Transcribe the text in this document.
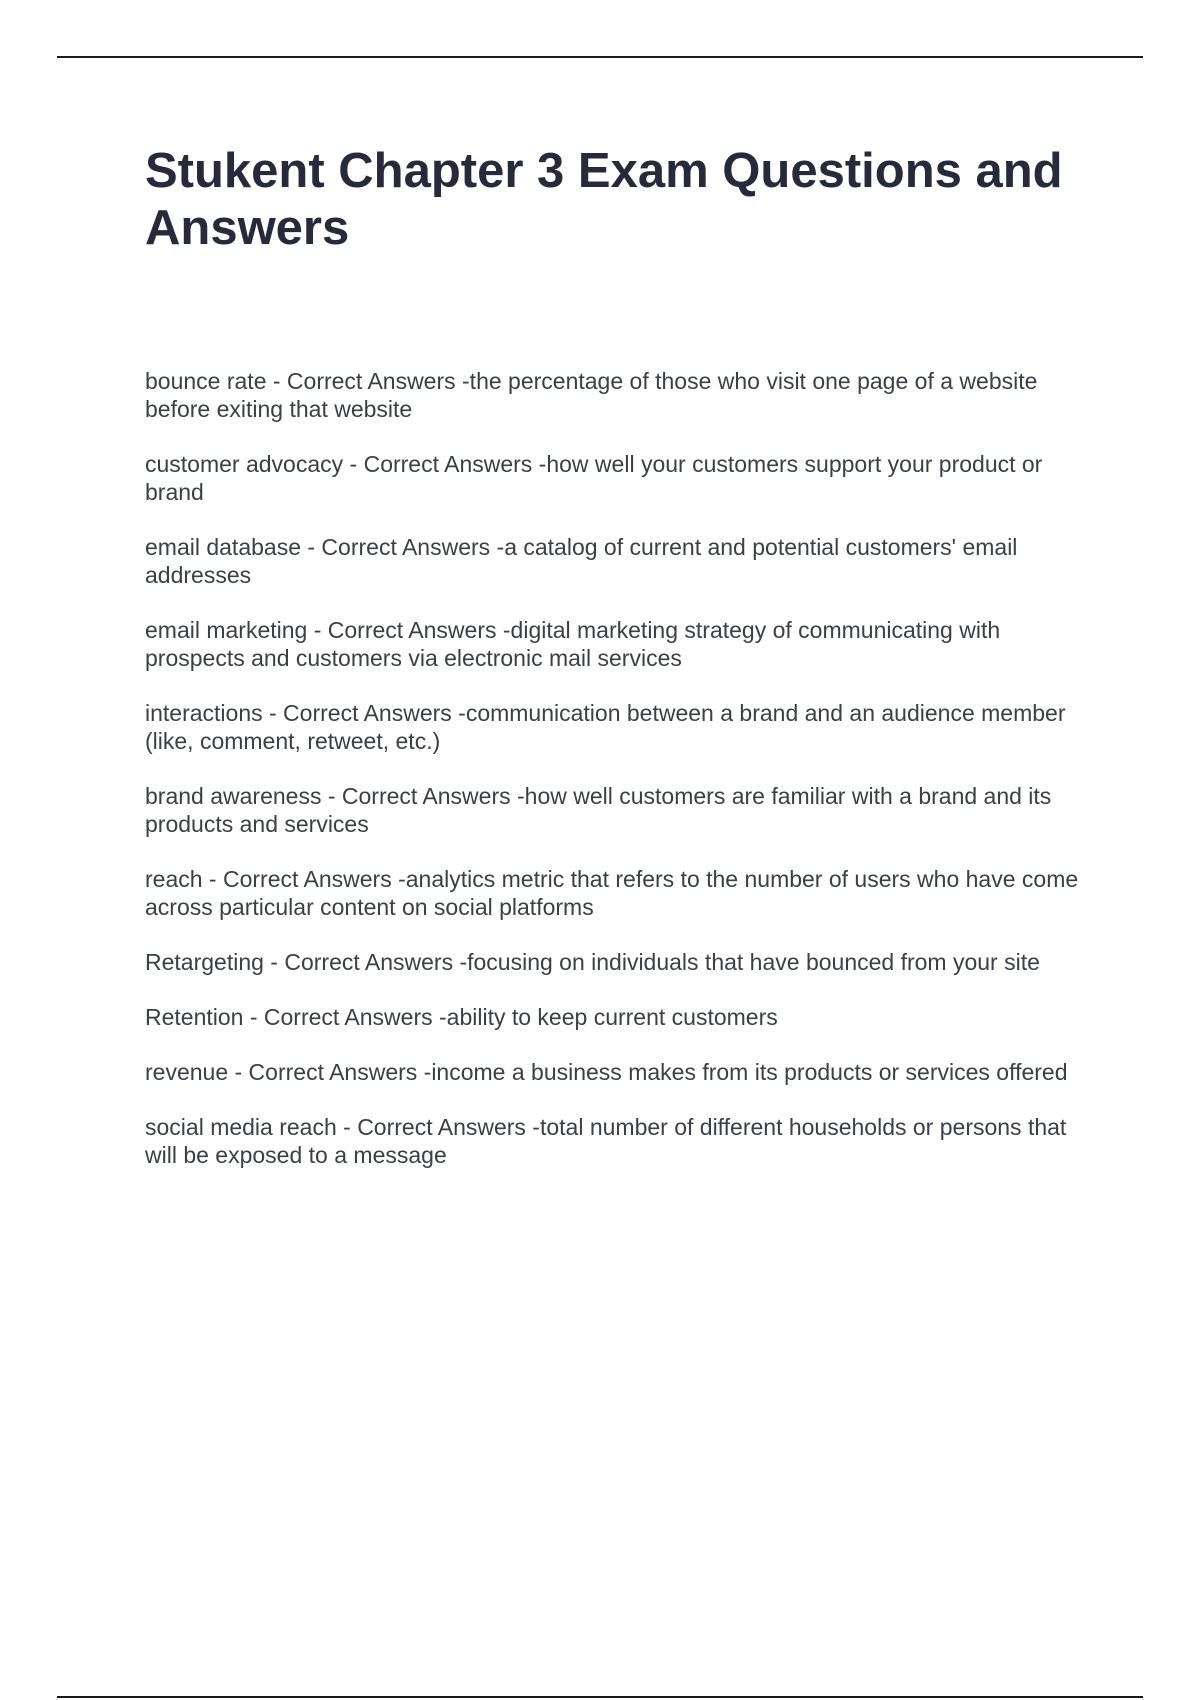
Stukent Chapter 3 Exam Questions and Answers
bounce rate - Correct Answers -the percentage of those who visit one page of a website before exiting that website
customer advocacy - Correct Answers -how well your customers support your product or brand
email database - Correct Answers -a catalog of current and potential customers' email addresses
email marketing - Correct Answers -digital marketing strategy of communicating with prospects and customers via electronic mail services
interactions - Correct Answers -communication between a brand and an audience member (like, comment, retweet, etc.)
brand awareness - Correct Answers -how well customers are familiar with a brand and its products and services
reach - Correct Answers -analytics metric that refers to the number of users who have come across particular content on social platforms
Retargeting - Correct Answers -focusing on individuals that have bounced from your site
Retention - Correct Answers -ability to keep current customers
revenue - Correct Answers -income a business makes from its products or services offered
social media reach - Correct Answers -total number of different households or persons that will be exposed to a message
